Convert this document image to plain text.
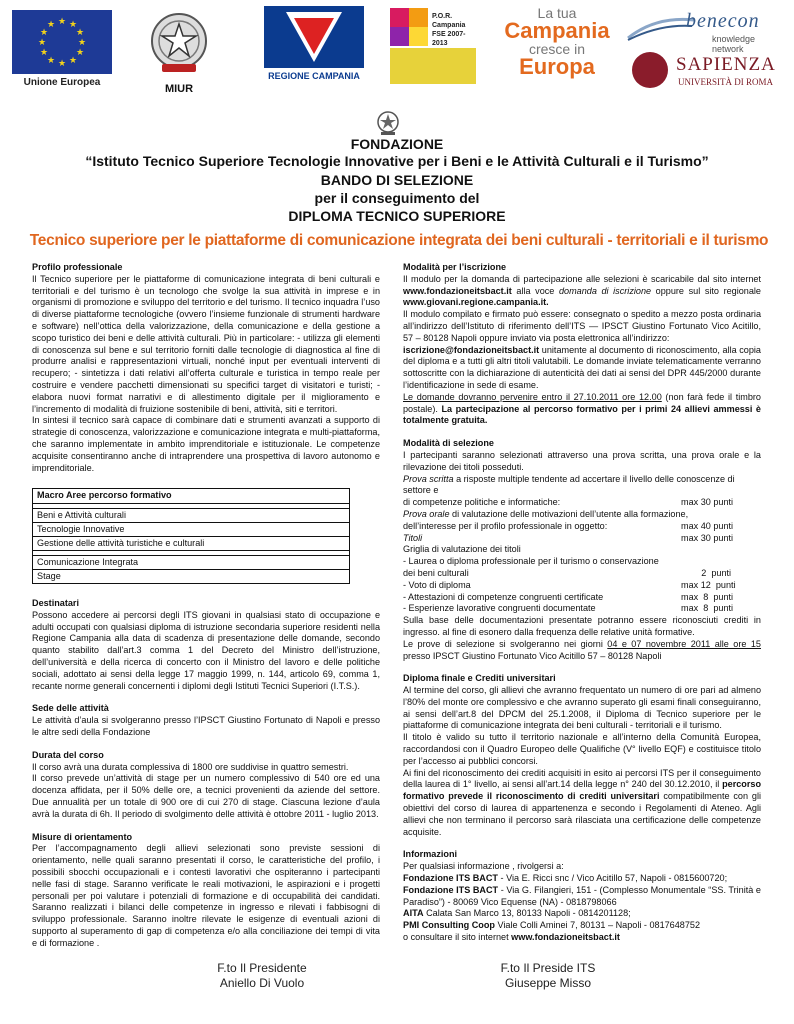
★ ★
★
★
★
★
★
★
★
★
★
★
Unione Europea
MIUR
REGIONE CAMPANIA
P.O.R.
Campania
FSE 2007-2013
La tua
Campania
cresce in
Europa
benecon
knowledge network
SAPIENZA
UNIVERSITÀ DI ROMA
FONDAZIONE
“Istituto Tecnico Superiore Tecnologie Innovative per i Beni e le Attività Culturali e il Turismo”
BANDO DI SELEZIONE
per il conseguimento del
DIPLOMA TECNICO SUPERIORE
Tecnico superiore per le piattaforme di comunicazione integrata dei beni culturali - territoriali e il turismo

Profilo professionale

Il Tecnico superiore per le piattaforme di comunicazione integrata di beni culturali e territoriali e del turismo è un tecnologo che svolge la sua attività in imprese e in organismi di promozione e sviluppo del territorio e del turismo. Il tecnico inquadra l’uso di diverse piattaforme tecnologiche (ovvero l’insieme funzionale di strumenti hardware e software) nell’ottica della valorizzazione, della comunicazione e della gestione a scopo turistico dei beni e delle attività culturali. Più in particolare: - utilizza gli elementi di conoscenza sul bene e sul territorio forniti dalle tecnologie di diagnostica al fine di produrre analisi e rappresentazioni virtuali, nonché input per eventuali interventi di recupero; - sintetizza i dati relativi all’offerta culturale e turistica in tempo reale per costruire e vendere pacchetti dimensionati su specifici target di visitatori e turisti; - elabora nuovi format narrativi e di allestimento digitale per il miglioramento e l’incremento di modalità di fruizione sostenibile di beni, attività, siti e territori.

In sintesi il tecnico sarà capace di combinare dati e strumenti avanzati a supporto di strategie di conoscenza, valorizzazione e comunicazione integrata e multi-piattaforma, che saranno implementate in ambito imprenditoriale e istituzionale. Le competenze acquisite consentiranno anche di intraprendere una prospettiva di lavoro autonomo e imprenditoriale.

Macro Aree percorso formativo
Beni e Attività culturali
Tecnologie Innovative
Gestione delle attività turistiche e culturali
Comunicazione Integrata
Stage

Destinatari

Possono accedere ai percorsi degli ITS giovani in qualsiasi stato di occupazione e adulti occupati con qualsiasi diploma di istruzione secondaria superiore residenti nella Regione Campania alla data di scadenza di presentazione delle domande, secondo quanto stabilito dall’art.3 comma 1 del Decreto del Ministro dell’istruzione, dell’università e della ricerca di concerto con il Ministro del lavoro e delle politiche sociali, adottato ai sensi della legge 17 maggio 1999, n. 144, articolo 69, comma 1, recante norme generali concernenti i diplomi degli Istituti Tecnici Superiori (I.T.S.).

Sede delle attività

Le attività d’aula si svolgeranno presso l’IPSCT Giustino Fortunato di Napoli e presso le altre sedi della Fondazione

Durata del corso

Il corso avrà una durata complessiva di 1800 ore suddivise in quattro semestri.

Il corso prevede un’attività di stage per un numero complessivo di 540 ore ed una docenza affidata, per il 50% delle ore, a tecnici provenienti da aziende del settore. Due annualità per un totale di 900 ore di cui 270 di stage. Ciascuna lezione d’aula avrà la durata di 6h. Il periodo di svolgimento delle attività è ottobre 2011 - luglio 2013.

Misure di orientamento

Per l’accompagnamento degli allievi selezionati sono previste sessioni di orientamento, nelle quali saranno presentati il corso, le caratteristiche del profilo, i possibili sbocchi occupazionali e i contesti lavorativi che ospiteranno i partecipanti nelle fasi di stage. Saranno verificate le reali motivazioni, le aspirazioni e i progetti personali per poi valutare i potenziali di formazione e di occupabilità dei candidati. Saranno realizzati i bilanci delle competenze in ingresso e rilevati i fabbisogni di sviluppo professionale. Saranno inoltre rilevate le esigenze di eventuali azioni di supporto al superamento di gap di competenza e/o alla conciliazione dei tempi di vita e di formazione .

Modalità per l’iscrizione

Il modulo per la domanda di partecipazione alle selezioni è scaricabile dal sito internet www.fondazioneitsbact.it alla voce domanda di iscrizione oppure sul sito regionale www.giovani.regione.campania.it.

Il modulo compilato e firmato può essere: consegnato o spedito a mezzo posta ordinaria all’indirizzo dell’Istituto di riferimento dell’ITS — IPSCT Giustino Fortunato Vico Acitillo, 57 – 80128 Napoli oppure inviato via posta elettronica all’indirizzo:

iscrizione@fondazioneitsbact.it unitamente al documento di riconoscimento, alla copia del diploma e a tutti gli altri titoli valutabili. Le domande inviate telematicamente verranno sottoscritte con la dichiarazione di autenticità dei dati ai sensi del DPR 445/2000 durante l’identificazione in sede di esame.

Le domande dovranno pervenire entro il 27.10.2011 ore 12.00 (non farà fede il timbro postale). La partecipazione al percorso formativo per i primi 24 allievi ammessi è totalmente gratuita.

Modalità di selezione

I partecipanti saranno selezionati attraverso una prova scritta, una prova orale e la rilevazione dei titoli posseduti.

Prova scritta a risposte multiple tendente ad accertare il livello delle conoscenze di settore e
di competenze politiche e informatiche:	max 30 punti
Prova orale di valutazione delle motivazioni dell’utente alla formazione,
dell’interesse per il profilo professionale in oggetto:	max 40 punti
Titoli	max 30 punti
Griglia di valutazione dei titoli
- Laurea o diploma professionale per il turismo o conservazione
dei beni culturali	2  punti
- Voto di diploma	max 12  punti
- Attestazioni di competenze congruenti certificate	max  8  punti
- Esperienze lavorative congruenti documentate	max  8  punti

Sulla base delle documentazioni presentate potranno essere riconosciuti crediti in ingresso. al fine di esonero dalla frequenza delle relative unità formative.

Le prove di selezione si svolgeranno nei giorni 04 e 07 novembre 2011 alle ore 15 presso IPSCT Giustino Fortunato Vico Acitillo 57 – 80128 Napoli

Diploma finale e Crediti universitari

Al termine del corso, gli allievi che avranno frequentato un numero di ore pari ad almeno l’80% del monte ore complessivo e che avranno superato gli esami finali conseguiranno, ai sensi dell’art.8 del DPCM del 25.1.2008, il Diploma di Tecnico superiore per le piattaforme di comunicazione integrata dei beni culturali - territoriali e il turismo.

Il titolo è valido su tutto il territorio nazionale e all’interno della Comunità Europea, raccordandosi con il Quadro Europeo delle Qualifiche (V° livello EQF) e costituisce titolo per l’accesso ai pubblici concorsi.

Ai fini del riconoscimento dei crediti acquisiti in esito ai percorsi ITS per il conseguimento della laurea di 1° livello, ai sensi all’art.14 della legge n° 240 del 30.12.2010, il percorso formativo prevede il riconoscimento di crediti universitari compatibilmente con gli obiettivi del corso di laurea di appartenenza e secondo i Regolamenti di Ateneo. Agli allievi che non terminano il percorso sarà rilasciata una certificazione delle competenze acquisite.

Informazioni

Per qualsiasi informazione , rivolgersi a:

Fondazione ITS BACT - Via E. Ricci snc / Vico Acitillo 57, Napoli - 0815600720;

Fondazione ITS BACT - Via G. Filangieri, 151 - (Complesso Monumentale “SS. Trinità e Paradiso”) - 80069 Vico Equense (NA) - 0818798066

AITA Calata San Marco 13, 80133 Napoli - 0814201128;

PMI Consulting Coop Viale Colli Aminei 7, 80131 – Napoli - 0817648752

o consultare il sito internet www.fondazioneitsbact.it

F.to Il Presidente
Aniello Di Vuolo
F.to Il Preside ITS
Giuseppe Misso
